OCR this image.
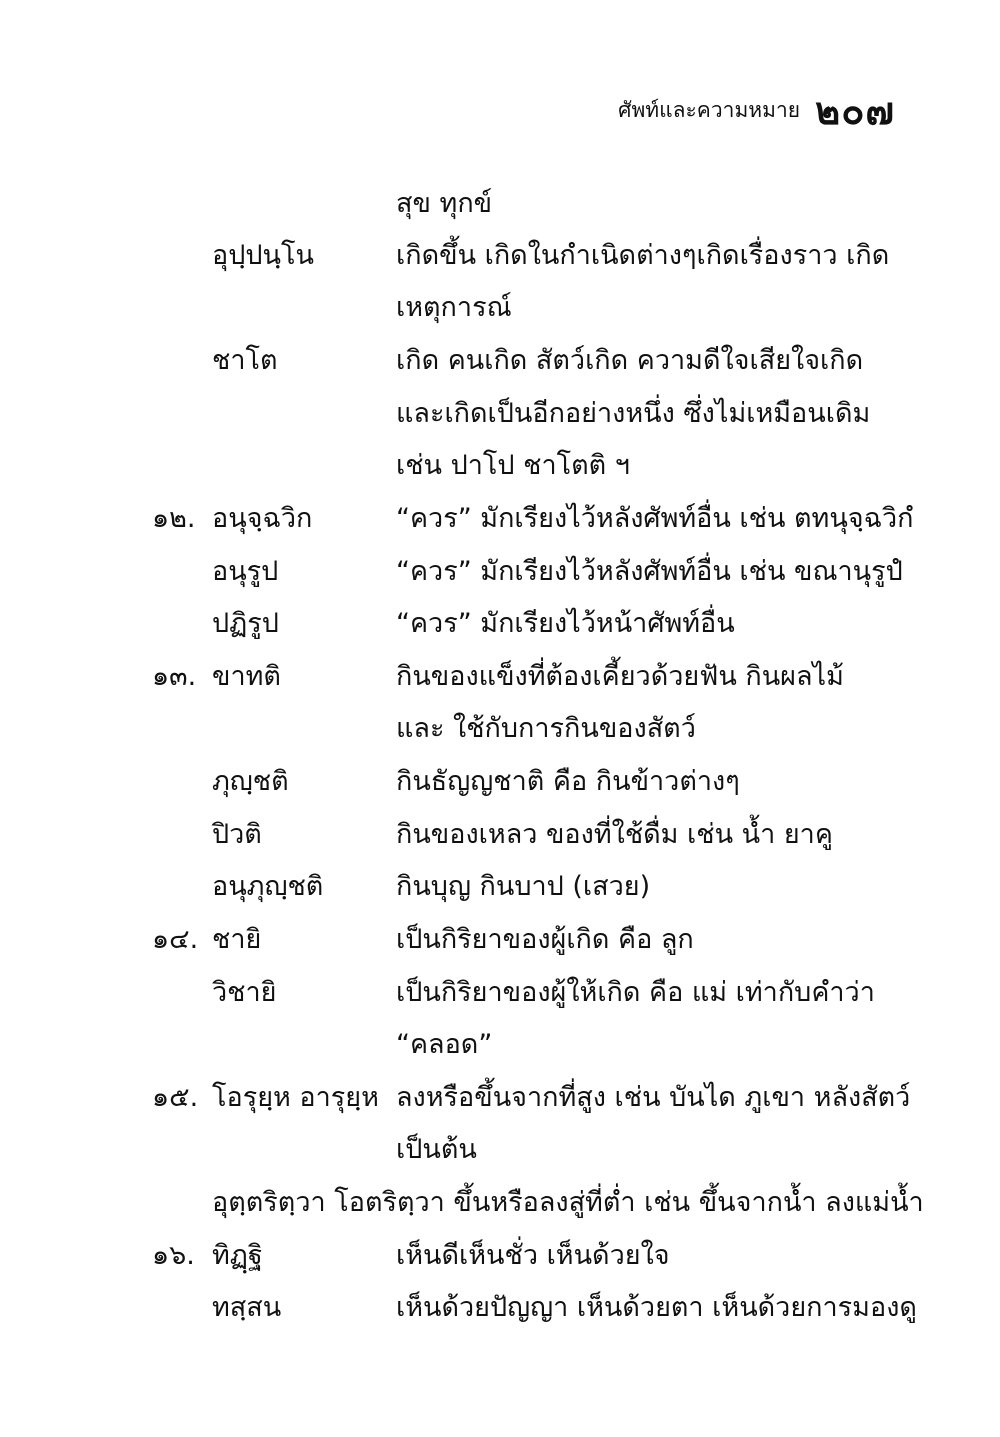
ศัพท์และความหมาย ๒๐๗
สุข ทุกข์
อุปฺปนฺโน	เกิดขึ้น เกิดในกำเนิดต่างๆเกิดเรื่องราว เกิด
เหตุการณ์
ชาโต	เกิด คนเกิด สัตว์เกิด ความดีใจเสียใจเกิด
และเกิดเป็นอีกอย่างหนึ่ง ซึ่งไม่เหมือนเดิม
เช่น ปาโป ชาโตติ ฯ
๑๒. อนุจฺฉวิก	“ควร” มักเรียงไว้หลังศัพท์อื่น เช่น ตทนุจฺฉวิกํ
อนุรูป	“ควร” มักเรียงไว้หลังศัพท์อื่น เช่น ขณานุรูปํ
ปฏิรูป	“ควร” มักเรียงไว้หน้าศัพท์อื่น
๑๓. ขาทติ	กินของแข็งที่ต้องเคี้ยวด้วยฟัน กินผลไม้
และ ใช้กับการกินของสัตว์
ภุญฺชติ	กินธัญญชาติ คือ กินข้าวต่างๆ
ปิวติ	กินของเหลว ของที่ใช้ดื่ม เช่น น้ำ ยาคู
อนุภุญฺชติ	กินบุญ กินบาป (เสวย)
๑๔. ชายิ	เป็นกิริยาของผู้เกิด คือ ลูก
วิชายิ	เป็นกิริยาของผู้ให้เกิด คือ แม่ เท่ากับคำว่า
“คลอด”
๑๕. โอรุยฺห อารุยฺห ลงหรือขึ้นจากที่สูง เช่น บันได ภูเขา หลังสัตว์
เป็นต้น
อุตฺตริตฺวา โอตริตฺวา ขึ้นหรือลงสู่ที่ต่ำ เช่น ขึ้นจากน้ำ ลงแม่น้ำ
๑๖. ทิฏฺฐิ	เห็นดีเห็นชั่ว เห็นด้วยใจ
ทสฺสน	เห็นด้วยปัญญา เห็นด้วยตา เห็นด้วยการมองดู
